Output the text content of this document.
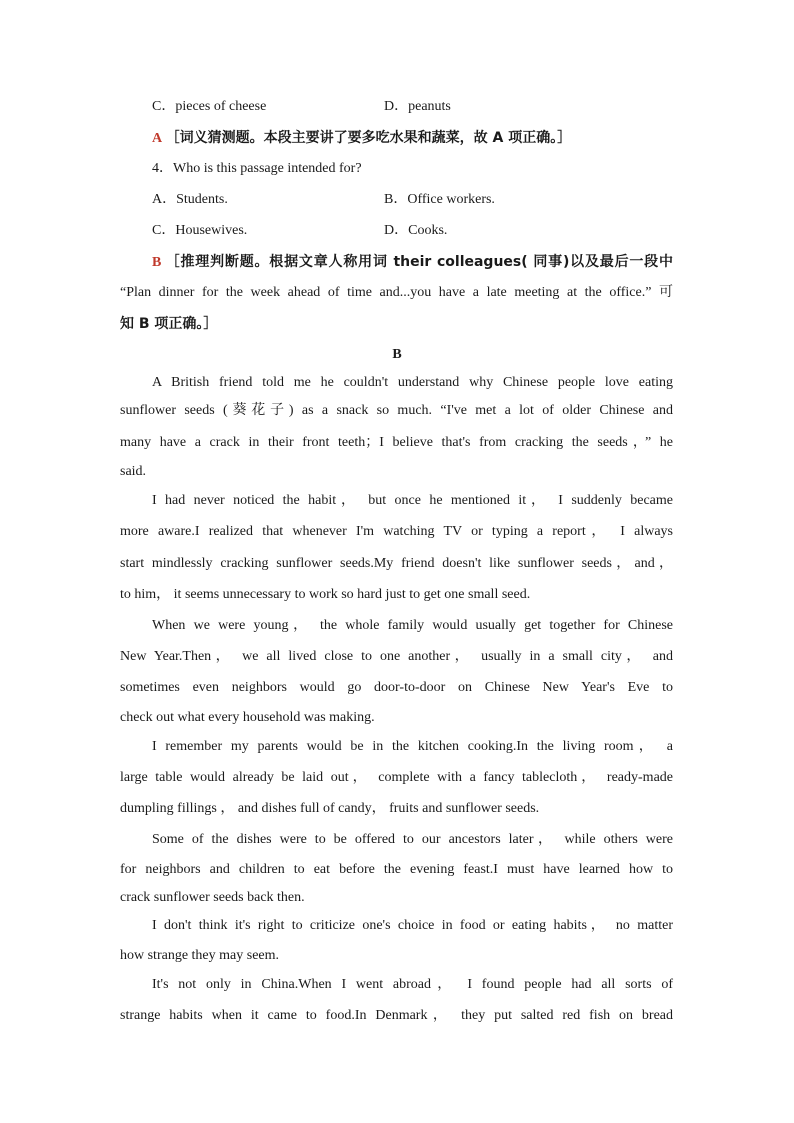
C．pieces of cheese	D．peanuts
A ［词义猜测题。本段主要讲了要多吃水果和蔬菜，故 A 项正确。］
4．Who is this passage intended for?
A．Students.	B．Office workers.
C．Housewives.	D．Cooks.
B ［推理判断题。根据文章人称用词 their colleagues( 同事)以及最后一段中
“Plan dinner for the week ahead of time and...you have a late meeting at the office.” 可
知 B 项正确。］
B
A British friend told me he couldn't understand why Chinese people love eating
sunflower seeds (葵花子) as a snack so much. “I've met a lot of older Chinese and
many have a crack in their front teeth；I believe that's from cracking the seeds，” he
said.
I had never noticed the habit， but once he mentioned it， I suddenly became
more aware.I realized that whenever I'm watching TV or typing a report， I always
start mindlessly cracking sunflower seeds.My friend doesn't like sunflower seeds，and，
to him， it seems unnecessary to work so hard just to get one small seed.
When we were young， the whole family would usually get together for Chinese
New Year.Then， we all lived close to one another， usually in a small city， and
sometimes even neighbors would go door-to-door on Chinese New Year's Eve to
check out what every household was making.
I remember my parents would be in the kitchen cooking.In the living room， a
large table would already be laid out， complete with a fancy tablecloth， ready-made
dumpling fillings ， and dishes full of candy， fruits and sunflower seeds.
Some of the dishes were to be offered to our ancestors later， while others were
for neighbors and children to eat before the evening feast.I must have learned how to
crack sunflower seeds back then.
I don't think it's right to criticize one's choice in food or eating habits， no matter
how strange they may seem.
It's not only in China.When I went abroad， I found people had all sorts of
strange habits when it came to food.In Denmark， they put salted red fish on bread
